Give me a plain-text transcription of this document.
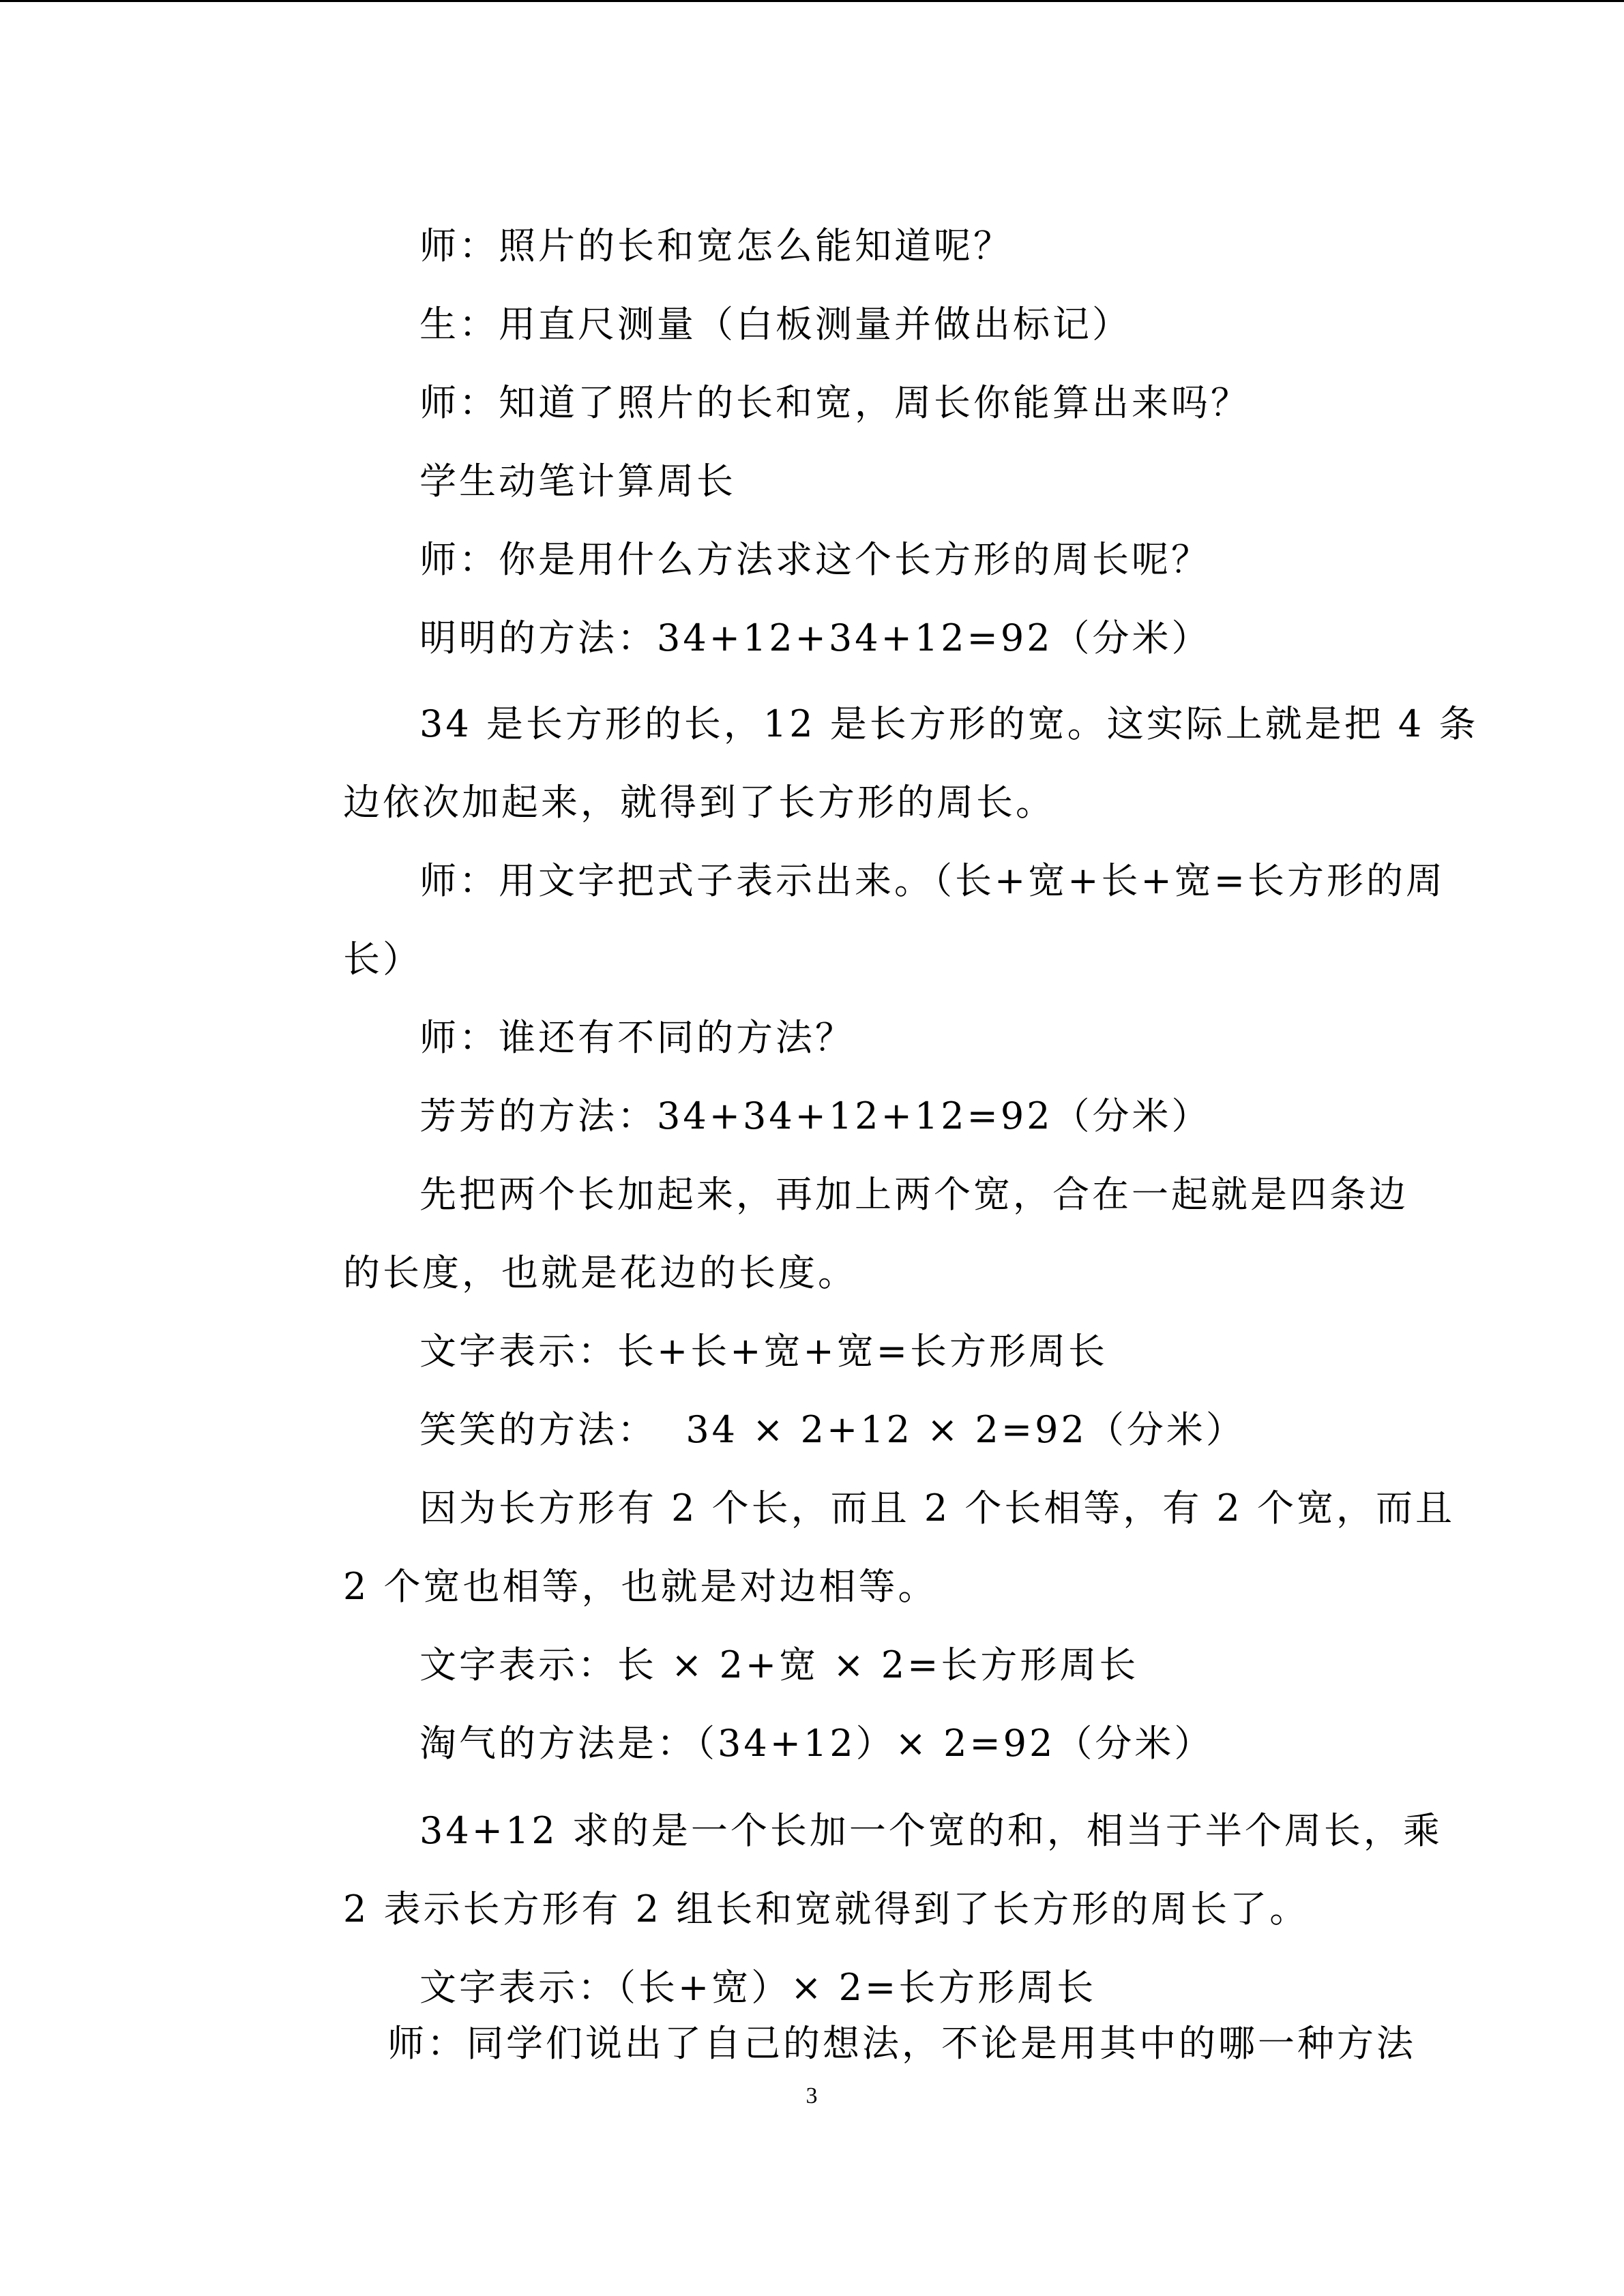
师：照片的长和宽怎么能知道呢？
生：用直尺测量（白板测量并做出标记）
师：知道了照片的长和宽，周长你能算出来吗？
学生动笔计算周长
师：你是用什么方法求这个长方形的周长呢？
明明的方法：34+12+34+12=92（分米）
34 是长方形的长，12 是长方形的宽。这实际上就是把 4 条
边依次加起来，就得到了长方形的周长。
师：用文字把式子表示出来。（长+宽+长+宽=长方形的周
长）
师：谁还有不同的方法？
芳芳的方法：34+34+12+12=92（分米）
先把两个长加起来，再加上两个宽，合在一起就是四条边
的长度，也就是花边的长度。
文字表示：长+长+宽+宽=长方形周长
笑笑的方法：  34 × 2+12 × 2=92（分米）
因为长方形有 2 个长，而且 2 个长相等，有 2 个宽，而且
2 个宽也相等，也就是对边相等。
文字表示：长 × 2+宽 × 2=长方形周长
淘气的方法是：（34+12）× 2=92（分米）
34+12 求的是一个长加一个宽的和，相当于半个周长，乘
2 表示长方形有 2 组长和宽就得到了长方形的周长了。
文字表示：（长+宽）× 2=长方形周长
师：同学们说出了自己的想法，不论是用其中的哪一种方法
3
